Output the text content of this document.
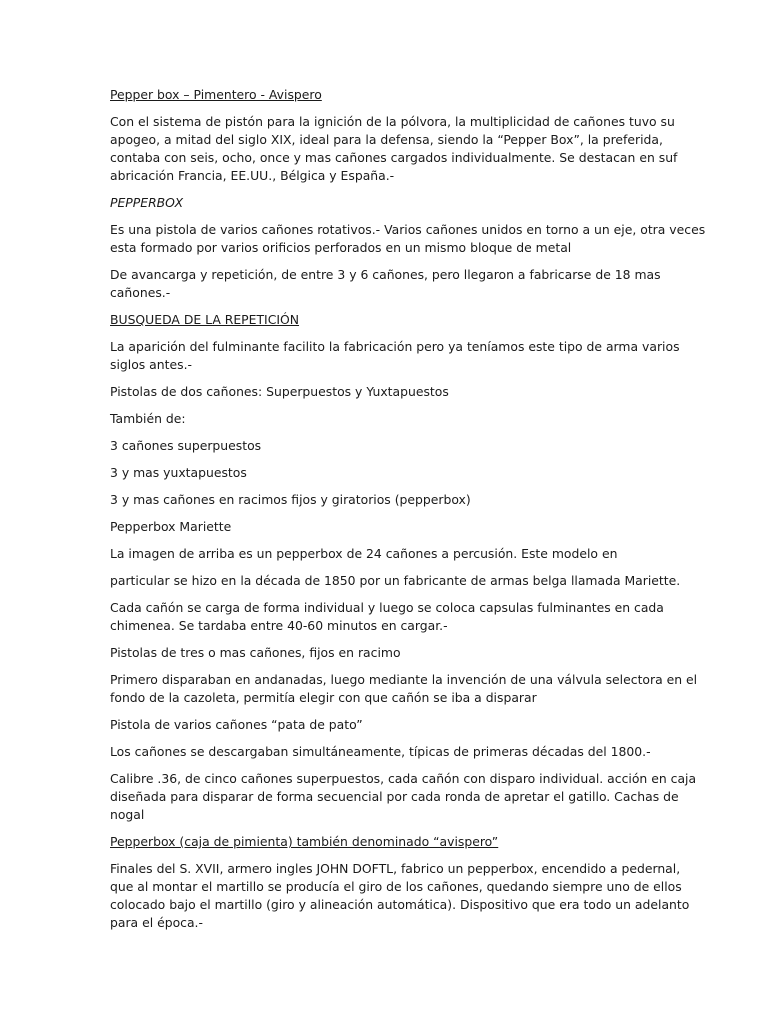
Pepper box – Pimentero - Avispero
Con el sistema de pistón para la ignición de la pólvora, la multiplicidad de cañones tuvo su
apogeo, a mitad del siglo XIX, ideal para la defensa, siendo la “Pepper Box”, la preferida,
contaba con seis, ocho, once y mas cañones cargados individualmente. Se destacan en suf
abricación Francia, EE.UU., Bélgica y España.-
PEPPERBOX
Es una pistola de varios cañones rotativos.- Varios cañones unidos en torno a un eje, otra veces
esta formado por varios orificios perforados en un mismo bloque de metal
De avancarga y repetición, de entre 3 y 6 cañones, pero llegaron a fabricarse de 18 mas
cañones.-
BUSQUEDA DE LA REPETICIÓN
La aparición del fulminante facilito la fabricación pero ya teníamos este tipo de arma varios
siglos antes.-
Pistolas de dos cañones: Superpuestos y Yuxtapuestos
También de:
3 cañones superpuestos
3 y mas yuxtapuestos
3 y mas cañones en racimos fijos y giratorios (pepperbox)
Pepperbox Mariette
La imagen de arriba es un pepperbox de 24 cañones a percusión. Este modelo en
particular se hizo en la década de 1850 por un fabricante de armas belga llamada Mariette.
Cada cañón se carga de forma individual y luego se coloca capsulas fulminantes en cada
chimenea. Se tardaba entre 40-60 minutos en cargar.-
Pistolas de tres o mas cañones, fijos en racimo
Primero disparaban en andanadas, luego mediante la invención de una válvula selectora en el
fondo de la cazoleta, permitía elegir con que cañón se iba a disparar
Pistola de varios cañones “pata de pato”
Los cañones se descargaban simultáneamente, típicas de primeras décadas del 1800.-
Calibre .36, de cinco cañones superpuestos, cada cañón con disparo individual. acción en caja
diseñada para disparar de forma secuencial por cada ronda de apretar el gatillo. Cachas de
nogal
Pepperbox (caja de pimienta) también denominado “avispero”
Finales del S. XVII, armero ingles JOHN DOFTL, fabrico un pepperbox, encendido a pedernal,
que al montar el martillo se producía el giro de los cañones, quedando siempre uno de ellos
colocado bajo el martillo (giro y alineación automática). Dispositivo que era todo un adelanto
para el época.-
